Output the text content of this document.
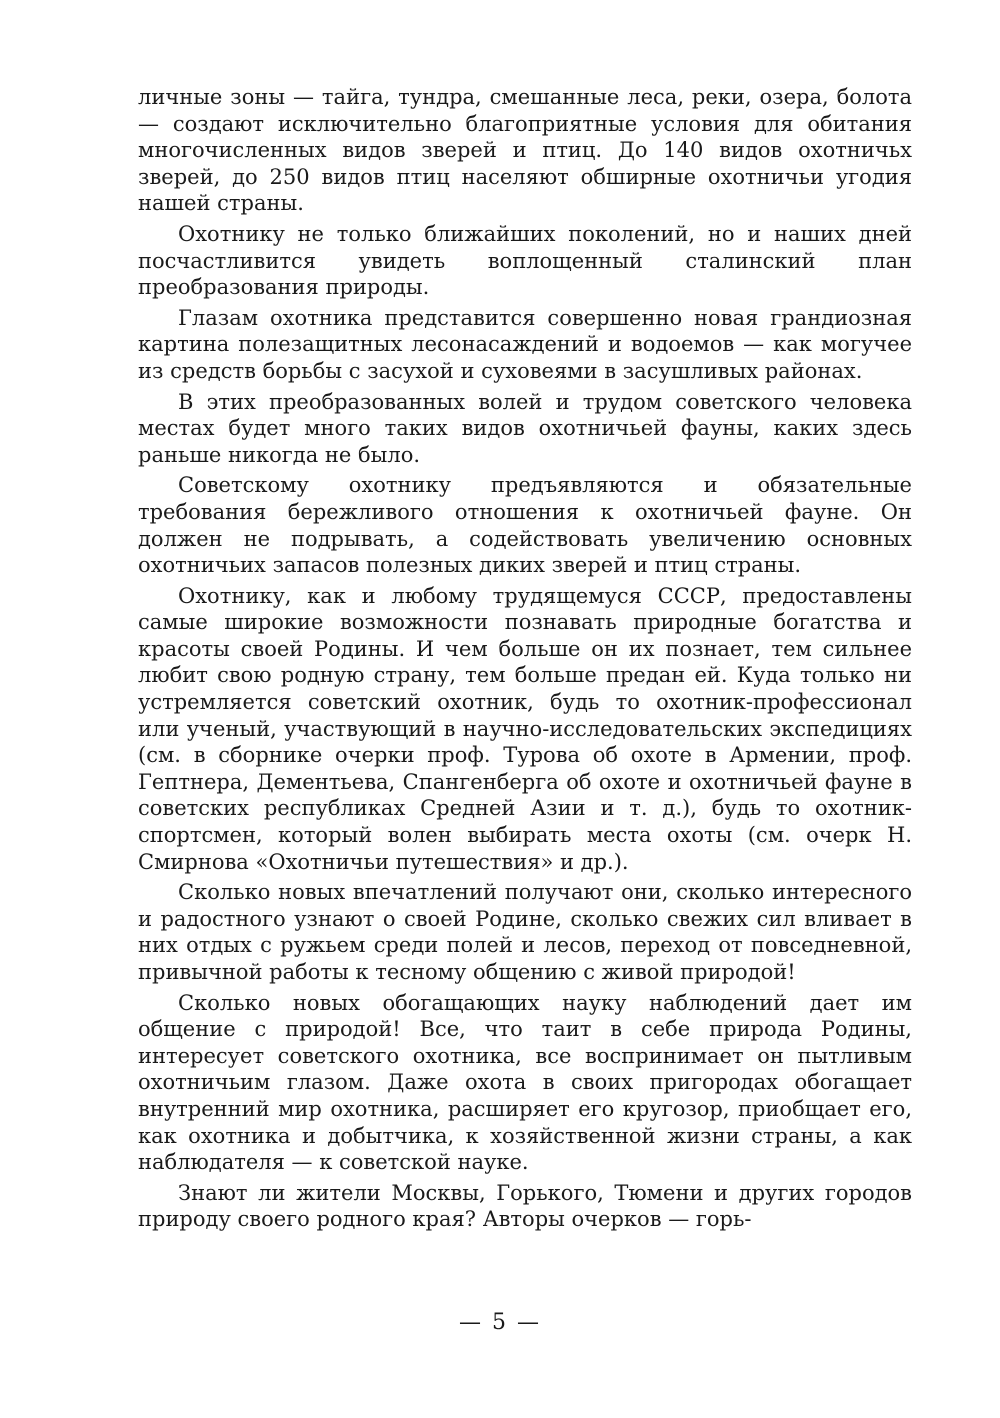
личные зоны — тайга, тундра, смешанные леса, реки, озера, болота — создают исключительно благоприятные условия для обитания многочисленных видов зверей и птиц. До 140 видов охотничьх зверей, до 250 видов птиц населяют обширные охотничьи угодия нашей страны.

Охотнику не только ближайших поколений, но и наших дней посчастливится увидеть воплощенный сталинский план преобразования природы.

Глазам охотника представится совершенно новая грандиозная картина полезащитных лесонасаждений и водоемов — как могучее из средств борьбы с засухой и суховеями в засушливых районах.

В этих преобразованных волей и трудом советского человека местах будет много таких видов охотничьей фауны, каких здесь раньше никогда не было.

Советскому охотнику предъявляются и обязательные требования бережливого отношения к охотничьей фауне. Он должен не подрывать, а содействовать увеличению основных охотничьих запасов полезных диких зверей и птиц страны.

Охотнику, как и любому трудящемуся СССР, предоставлены самые широкие возможности познавать природные богатства и красоты своей Родины. И чем больше он их познает, тем сильнее любит свою родную страну, тем больше предан ей. Куда только ни устремляется советский охотник, будь то охотник-профессионал или ученый, участвующий в научно-исследовательских экспедициях (см. в сборнике очерки проф. Турова об охоте в Армении, проф. Гептнера, Дементьева, Спангенберга об охоте и охотничьей фауне в советских республиках Средней Азии и т. д.), будь то охотник-спортсмен, который волен выбирать места охоты (см. очерк Н. Смирнова «Охотничьи путешествия» и др.).

Сколько новых впечатлений получают они, сколько интересного и радостного узнают о своей Родине, сколько свежих сил вливает в них отдых с ружьем среди полей и лесов, переход от повседневной, привычной работы к тесному общению с живой природой!

Сколько новых обогащающих науку наблюдений дает им общение с природой! Все, что таит в себе природа Родины, интересует советского охотника, все воспринимает он пытливым охотничьим глазом. Даже охота в своих пригородах обогащает внутренний мир охотника, расширяет его кругозор, приобщает его, как охотника и добытчика, к хозяйственной жизни страны, а как наблюдателя — к советской науке.

Знают ли жители Москвы, Горького, Тюмени и других городов природу своего родного края? Авторы очерков — горь-

— 5 —
